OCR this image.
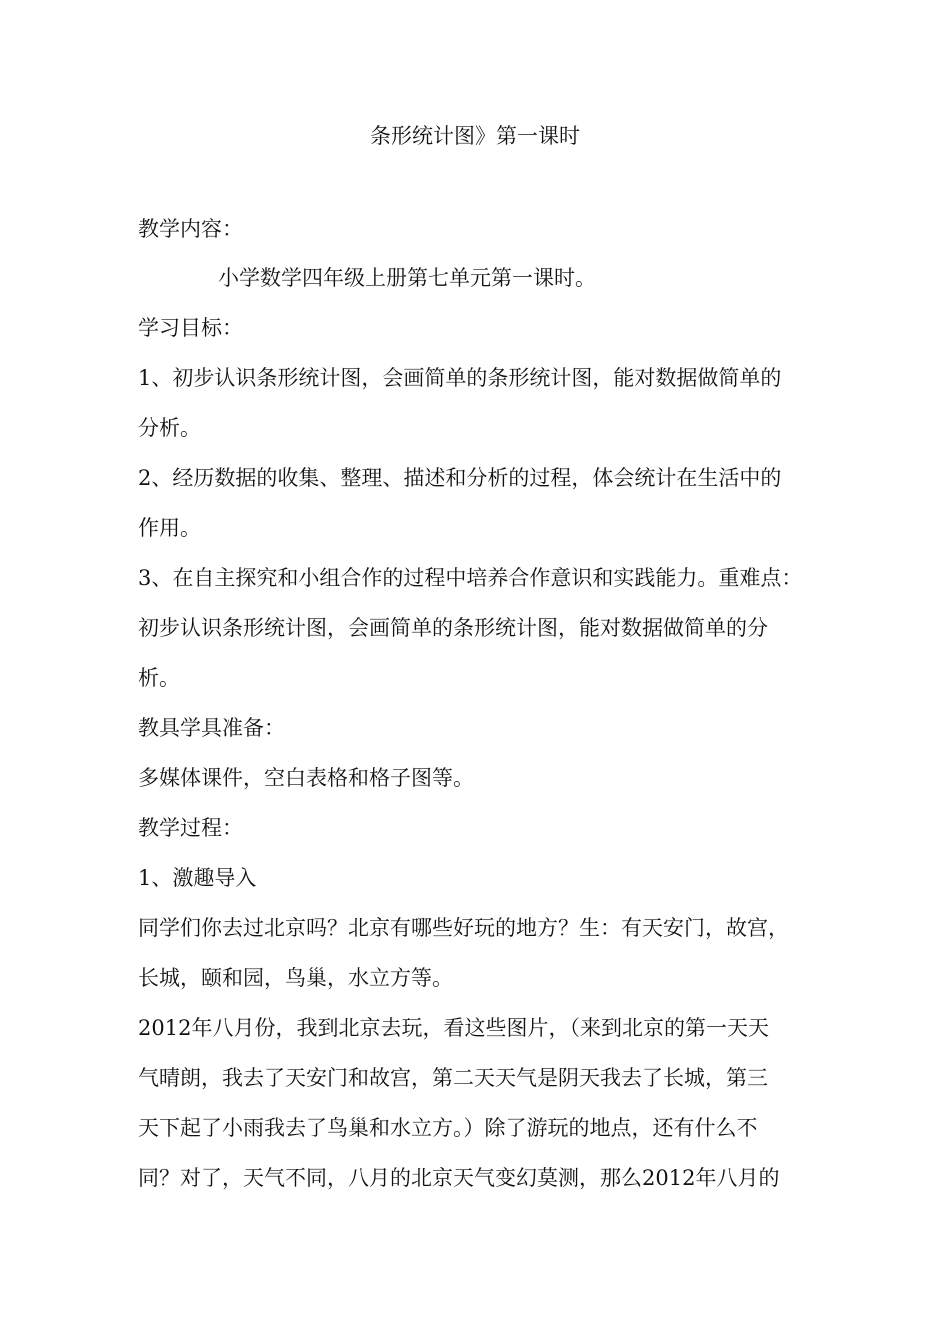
条形统计图》第一课时
教学内容：
小学数学四年级上册第七单元第一课时。
学习目标：
1、初步认识条形统计图，会画简单的条形统计图，能对数据做简单的
分析。
2、经历数据的收集、整理、描述和分析的过程，体会统计在生活中的
作用。
3、在自主探究和小组合作的过程中培养合作意识和实践能力。重难点：
初步认识条形统计图，会画简单的条形统计图，能对数据做简单的分
析。
教具学具准备：
多媒体课件，空白表格和格子图等。
教学过程：
1、激趣导入
同学们你去过北京吗？北京有哪些好玩的地方？生：有天安门，故宫，
长城，颐和园，鸟巢，水立方等。
2012年八月份，我到北京去玩，看这些图片，（来到北京的第一天天
气晴朗，我去了天安门和故宫，第二天天气是阴天我去了长城，第三
天下起了小雨我去了鸟巢和水立方。）除了游玩的地点，还有什么不
同？对了，天气不同，八月的北京天气变幻莫测，那么2012年八月的
